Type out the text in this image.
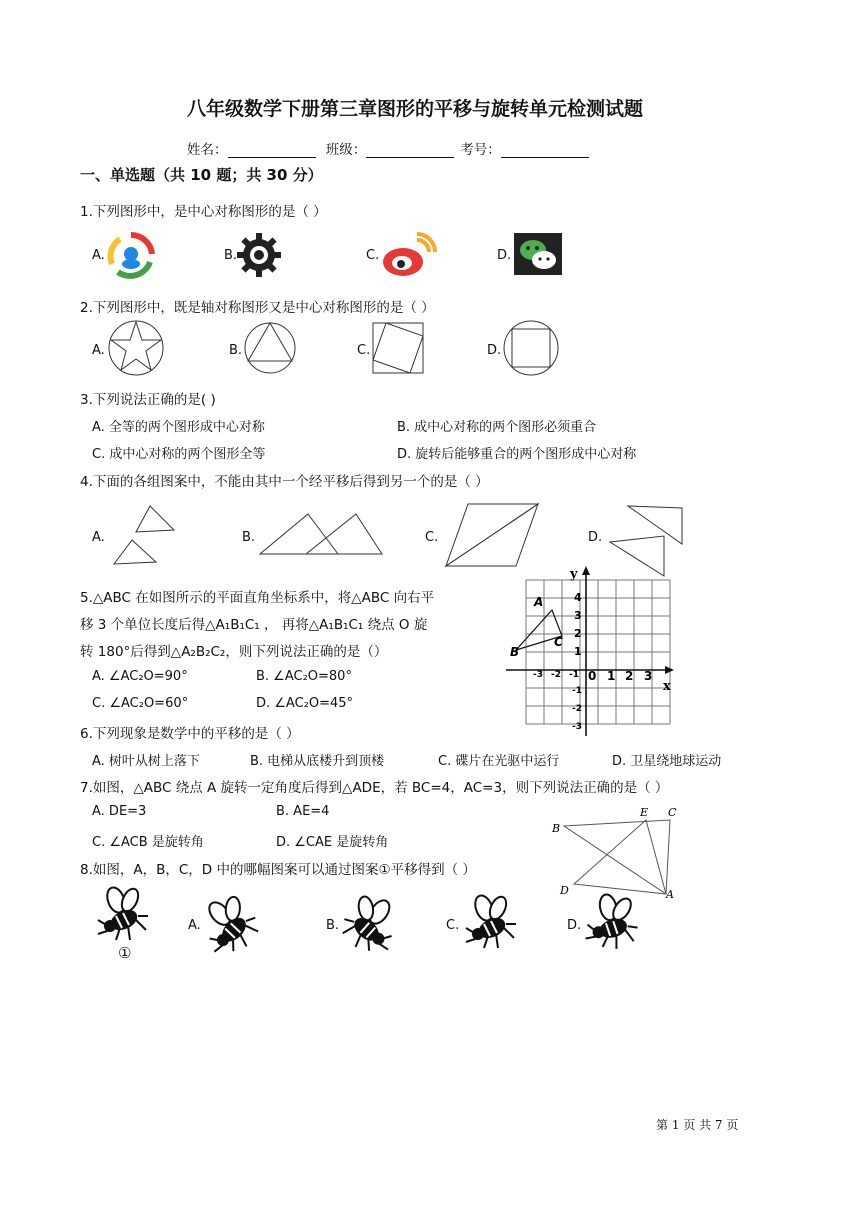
八年级数学下册第三章图形的平移与旋转单元检测试题
姓名：	班级：	考号：
一、单选题（共 10 题；共 30 分）
1.下列图形中，是中心对称图形的是（ ）
A.	B.	C.	D.
2.下列图形中，既是轴对称图形又是中心对称图形的是（ ）
A.	B.	C.	D.
3.下列说法正确的是( )
A. 全等的两个图形成中心对称	B. 成中心对称的两个图形必须重合
C. 成中心对称的两个图形全等	D. 旋转后能够重合的两个图形成中心对称
4.下面的各组图案中，不能由其中一个经平移后得到另一个的是（ ）
A.	B.	C.	D.
5.△ABC 在如图所示的平面直角坐标系中，将△ABC 向右平
移 3 个单位长度后得△A₁B₁C₁ ， 再将△A₁B₁C₁ 绕点 O 旋
转 180°后得到△A₂B₂C₂，则下列说法正确的是（）
A. ∠AC₂O=90°	B. ∠AC₂O=80°
C. ∠AC₂O=60°	D. ∠AC₂O=45°
y
x
0
A
B
C
-3 -2 -1 1 2 3
4
3
2
1
-1
-2
-3
6.下列现象是数学中的平移的是（ ）
A. 树叶从树上落下	B. 电梯从底楼升到顶楼	C. 碟片在光驱中运行	D. 卫星绕地球运动
7.如图，△ABC 绕点 A 旋转一定角度后得到△ADE，若 BC=4，AC=3，则下列说法正确的是（ ）
A. DE=3	B. AE=4
C. ∠ACB 是旋转角	D. ∠CAE 是旋转角
B
E C
D	A
8.如图，A，B，C，D 中的哪幅图案可以通过图案①平移得到（ ）
①
A.	B.	C.	D.
第 1 页 共 7 页
